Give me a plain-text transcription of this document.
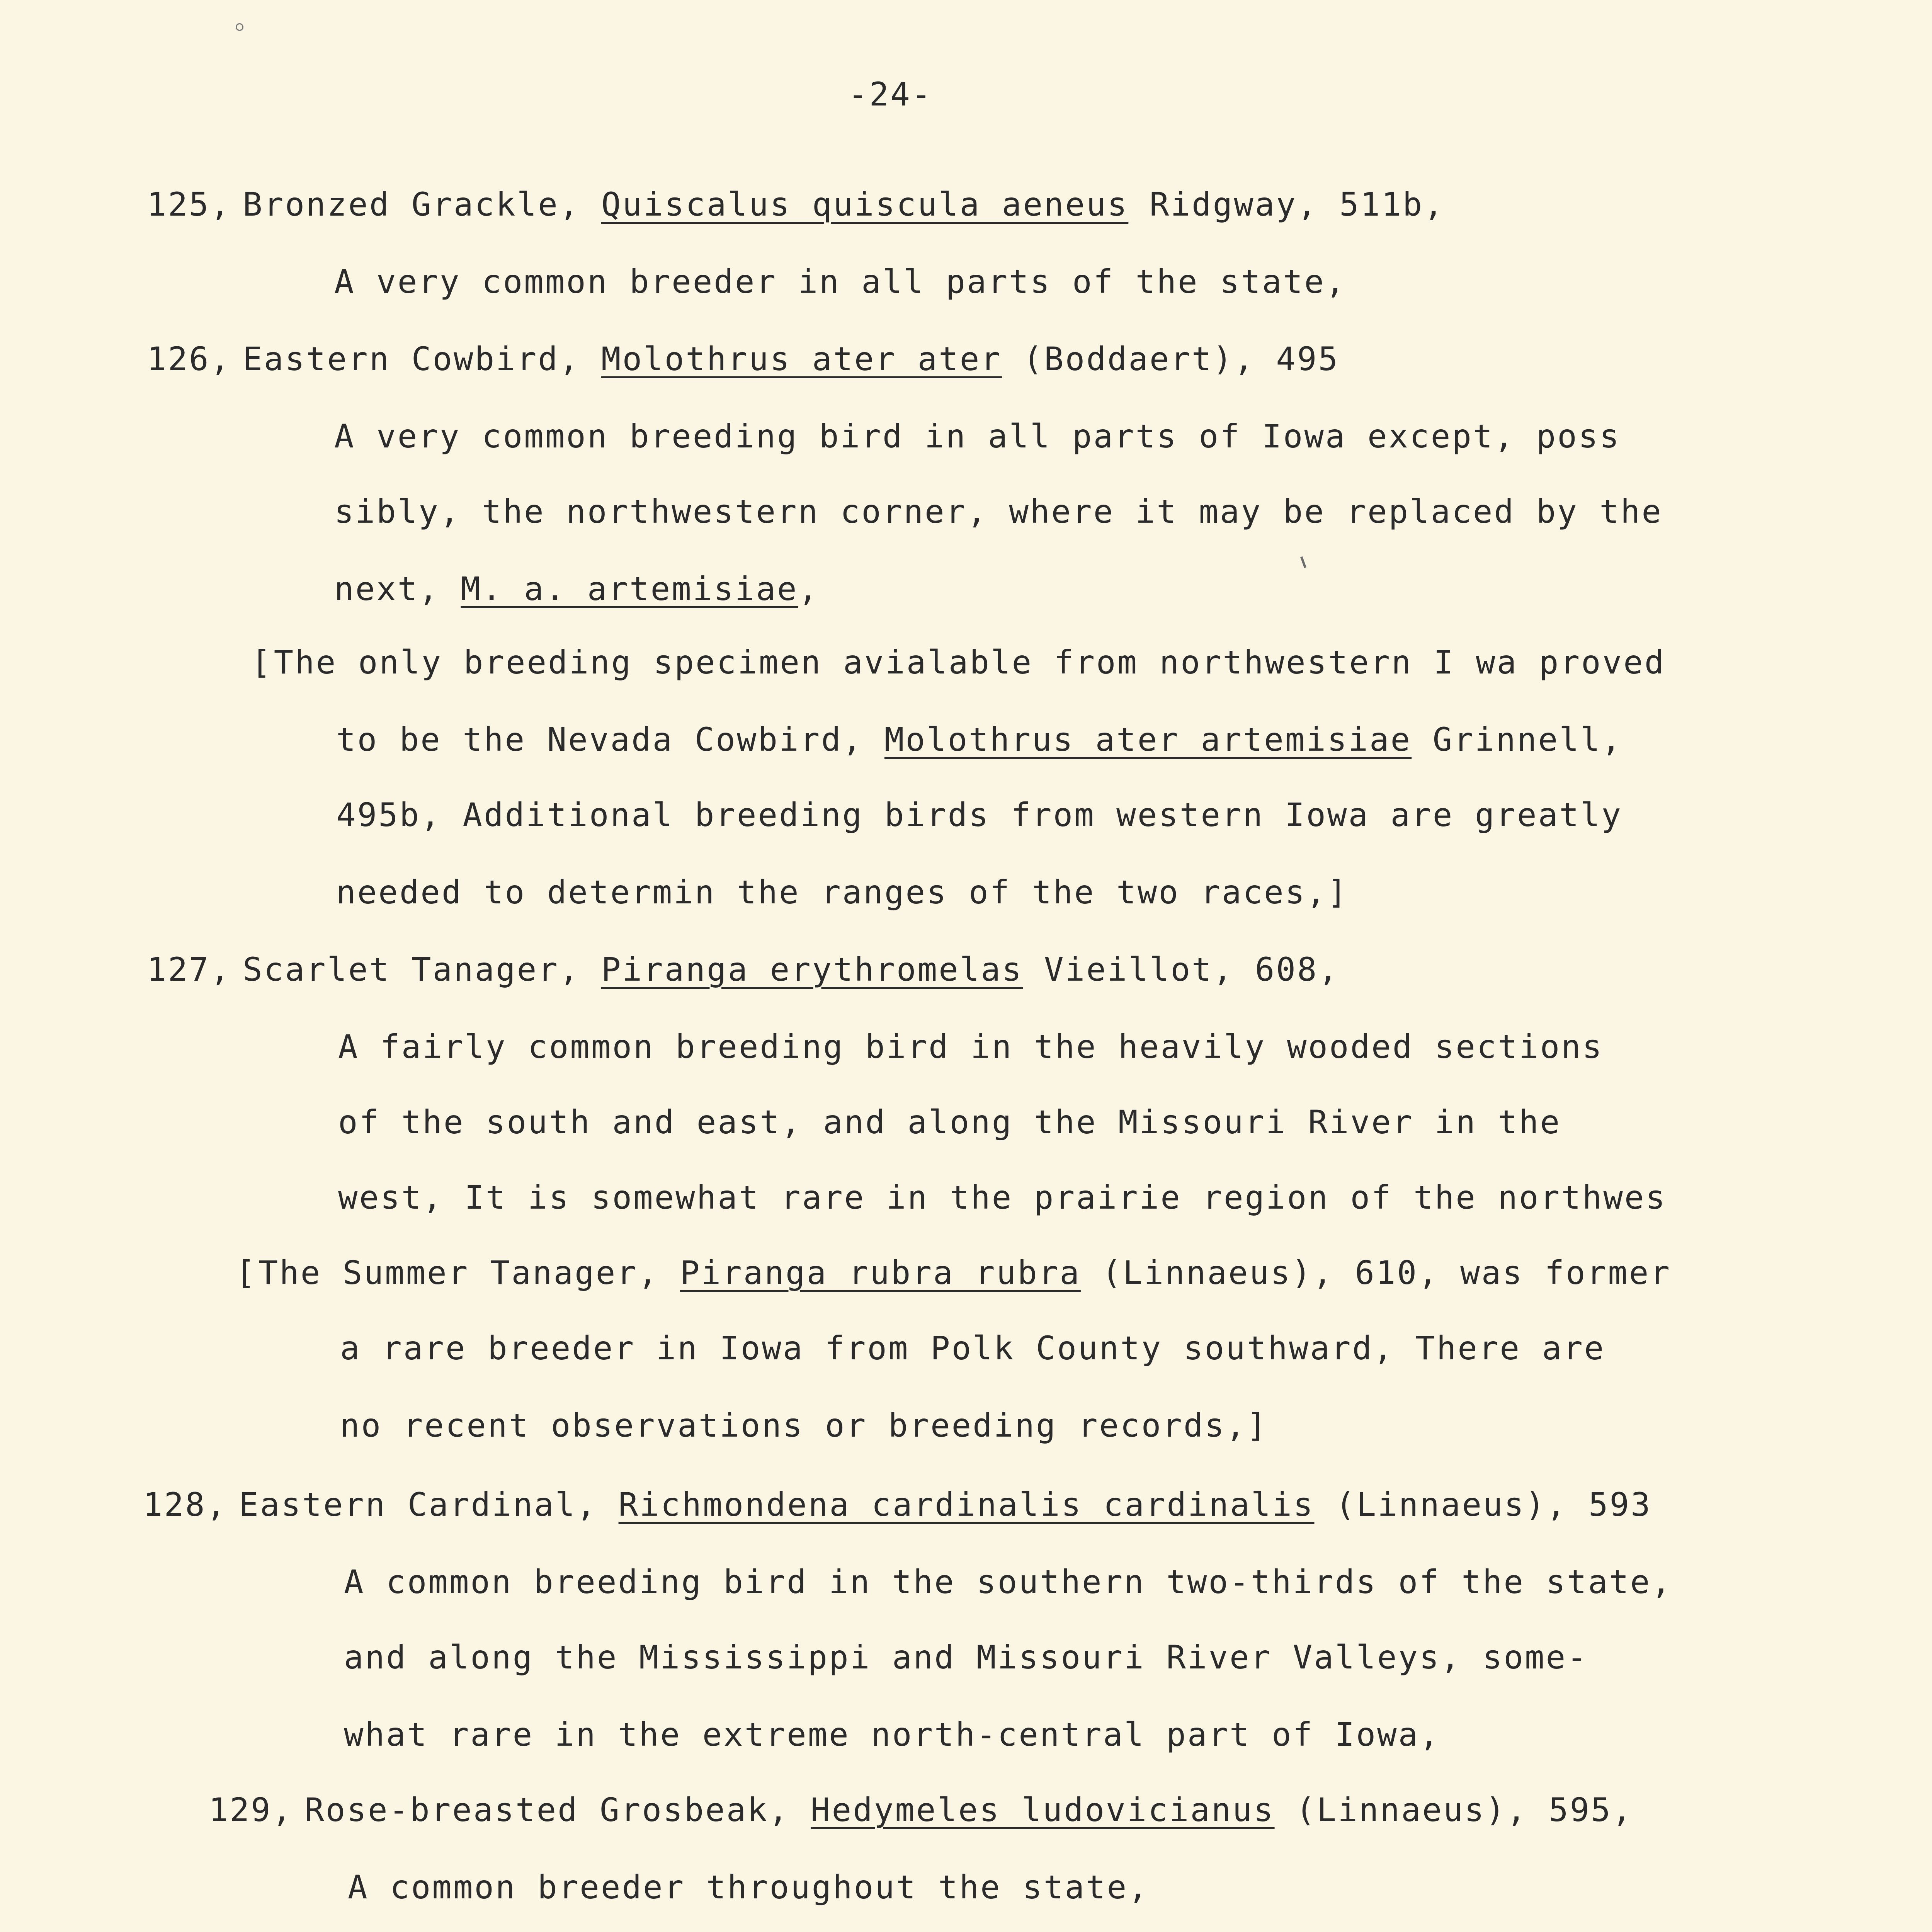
-24-
125, Bronzed Grackle, Quiscalus quiscula aeneus Ridgway, 511b,
A very common breeder in all parts of the state,
126, Eastern Cowbird, Molothrus ater ater (Boddaert), 495
A very common breeding bird in all parts of Iowa except, poss
sibly, the northwestern corner, where it may be replaced by the
next, M. a. artemisiae,
[The only breeding specimen avialable from northwestern I wa proved
to be the Nevada Cowbird, Molothrus ater artemisiae Grinnell,
495b, Additional breeding birds from western Iowa are greatly
needed to determin the ranges of the two races,]
127, Scarlet Tanager, Piranga erythromelas Vieillot, 608,
A fairly common breeding bird in the heavily wooded sections
of the south and east, and along the Missouri River in the
west, It is somewhat rare in the prairie region of the northwes
[The Summer Tanager, Piranga rubra rubra (Linnaeus), 610, was former
a rare breeder in Iowa from Polk County southward, There are
no recent observations or breeding records,]
128, Eastern Cardinal, Richmondena cardinalis cardinalis (Linnaeus), 593
A common breeding bird in the southern two-thirds of the state,
and along the Mississippi and Missouri River Valleys, some-
what rare in the extreme north-central part of Iowa,
129, Rose-breasted Grosbeak, Hedymeles ludovicianus (Linnaeus), 595,
A common breeder throughout the state,
